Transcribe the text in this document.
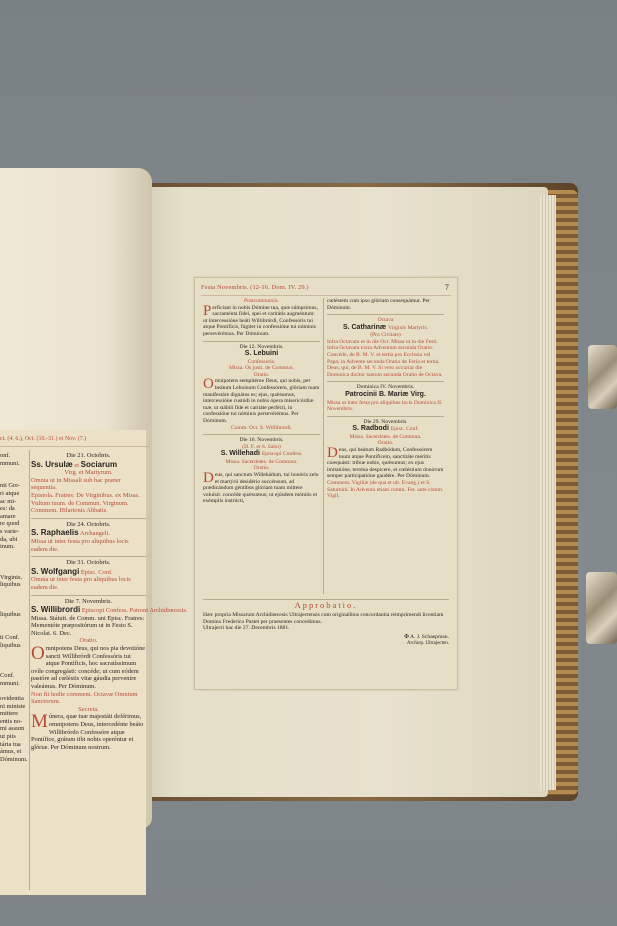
Festa Novembris. (12-16. Dom. IV. 29.)	7
Postcommunio.
Perficiant in nobis Dómine tua, quæ súmpsimus, sacraménta fidei, spei et caritátis augméntum: ut intercessióne beáti Willibrórdi, Confessóris tui atque Pontíficis, fúgiter in confessióne tui nóminis persevérémus. Per Dóminum.
Die 12. Novembris.
S. Lebuini
Confessoris.
Missa. Os justi. de Commun.
Oratio.
Omnipotens sempitérne Deus, qui nobis, per beátum Lebuínum Confessórem, glóriam tuam manifestáre dignátus es; ejus, quǽsumus, intercessióne custódi in nobis ópera misericórdiæ tuæ, ut stábili fide et caritáte perfécti, in confessióne tui nóminis persevérémus. Per Dóminum.
Comm. Oct. S. Willibrordi.
Die 16. Novembris.
(D. F. et S. Sabo)
S. Willehadi Episcopi Confess.
Missa. Sacerdotes. de Commun.
Oratio.
Deus, qui sanctum Willehádum, tui honóris zelo et martýrii desidério succénsum, ad prædicándum géntibus glóriam tuam míttere voluísti: concéde quǽsumus; ut ejúsdem mónitis et exémplis instrúcti,
cœléstem cum ipso glóriam consequámur. Per Dóminum.
Octava
S. Catharinæ Virginis Martyris.
(Pro Civitate)
Infra Octavam et in die Oct. Missa ut in die Festi.
Infra Octavam extra Adventum secunda Oratio. Concéde, de B. M. V. et tertia pro Ecclesia vel Papa; in Advente secunda Oratio de Feria et tertia. Deus, qui, de B. M. V. Si vero occurrat die Dominica dicitur tantum secunda Oratio de Octava.
Dominica IV. Novembris.
Patrocinii B. Mariæ Virg.
Missa ut inter festa pro aliquibus locis Dominica II. Novembris.
Die 29. Novembris.
S. Radbodi Episc. Conf.
Missa. Sacerdotes. de Commun.
Oratio.
Deus, qui beátum Radbódum, Confessórem tuum atque Pontíficem, sanctitáte mérítis coæquásti: tríbue nobis, quǽsumus; ex ejus imitatióne, terréna despícere, et cœléstium donórum semper participatióne gaudére. Per Dóminum.
Commem. Vigiliæ (de qua et ult. Evang.) et S. Saturnini. In Adventu etiam comm. Fer. ante comm. Vigil.
Approbatio.
Hæc propria Missarum Archidiœcesis Ultrajectensis cum originalibus concordantia reimprimendi licentiam Domino Frederico Pustet per praesentes concedimus.
Ultrajecti hac die 27. Decembris 1881.
✠ A. J. Schaepman.
Archiep. Ultrajecten.
ct. (4. 6.), Oct. (10.-31.) et Nov. (7.)
onf.
mmuni.

nti Gre-
ri atque
ac mi-
es: da
amare
re quod
s varie-
da, ubi
inum.

Virginis.
liquibus

liquibus

ti Conf.
liquibus

Conf.
mmuni.

ovidentia
ni ministe
mittere
entis no-
mi assum
ut piis
tária tua
ámus, et
Dóminum.
Die 21. Octobris.
Ss. Ursulæ et Sociarum
Virg. et Martyrum.
Omnia ut in Missali sub hac præter sequentia.
Epistola. Fratres: De Virginibus. ex Missa. Vultum tuum. de Commun. Virginum.
Commem. Hilarionis Abbatis.
Die 24. Octobris.
S. Raphaelis Archangeli.
Missa ut inter festa pro aliquibus locis eadem die.
Die 31. Octobris.
S. Wolfgangi Episc. Conf.
Omnia ut inter festa pro aliquibus locis eadem die.
Die 7. Novembris.
S. Willibrordi Episcopi Confess. Patroni Archidiœcesis.
Missa. Státuit. de Comm. uni Episc. Fratres: Mementóte præpositórum ut in Festo S. Nicolai. 6. Dec.
Oratio.
Omnipotens Deus, qui nos pia devotióne sancti Willibrórdi Confessóris tui atque Pontíficis, hoc sacratíssimum ovíle congregásti: concéde; ut cum eódem pastóre ad cœléstis vitæ gáudia pervenire valeámus. Per Dóminum.
Non fit hodie commem. Octavæ Omnium Sanctorum.
Secreta.
Múnera, quæ tuæ majestáti deférimus, omnipotens Deus, intercedénte beáto Willibrórdo Confessóre atque Pontífice, grátum tibi nobis operéntur et glóriæ. Per Dóminum nostrum.
